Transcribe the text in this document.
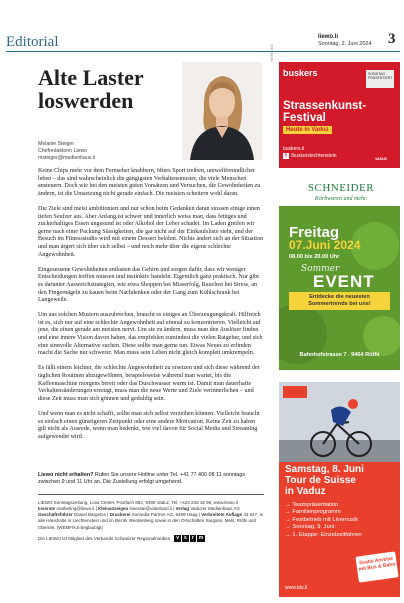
Editorial	liewo.li
Sonntag, 2. Juni 2024 3
Alte Laster loswerden
Melanie Steiger
Chefredaktorin Liewo
msteiger@medienhaus.li

Keine Chips mehr vor dem Fernseher knabbern, öfters Sport treiben, umweltfreundlicher leben – das sind wahrscheinlich die gängigsten Verhaltensmuster, die viele Menschen ansteuern. Doch wie bei den meisten guten Vorsätzen und Versuchen, die Gewohnheiten zu ändern, ist die Umsetzung nicht gerade einfach. Die meisten scheitern wohl daran.

Die Ziele sind meist ambitioniert und nur schon beim Gedanken daran stossen einige einen tiefen Seufzer aus. Aber Anfang ist schwer und innerlich weiss man, dass fettiges und zuckerhaltiges Essen ungesund ist oder Alkohol der Leber schadet. Im Laden greifen wir gerne nach einer Packung Süssigkeiten, die gar nicht auf der Einkaufsliste steht, und der Besuch im Fitnessstudio wird mit einem Dessert belohnt. Nichts ändert sich an der Situation und man ärgert sich über sich selbst – und noch mehr über die eigene schlechte Angewohnheit.

Eingesessene Gewohnheiten entlasten das Gehirn und sorgen dafür, dass wir weniger Entscheidungen treffen müssen und instinktiv handeln. Eigentlich ganz praktisch. Nur gibt es darunter Ausweichstrategien, wie etwa Shoppen bei Misserfolg, Rauchen bei Stress, an den Fingernägeln zu kauen beim Nachdenken oder der Gang zum Kühlschrank bei Langeweile.

Um aus solchen Mustern auszubrechen, braucht es einiges an Überzeugungskraft. Hilfreich ist es, sich nur auf eine schlechte Angewohnheit auf einmal zu konzentrieren. Vielleicht auf jene, die einen gerade am meisten nervt. Um sie zu ändern, muss man den Auslöser finden und eine innere Vision davon haben, das empfehlen zumindest die vielen Ratgeber, und sich eine sinnvolle Alternative suchen. Diese sollte man gerne tun. Etwas Neues zu erfinden macht die Sache nur schwerer. Man muss sein Leben nicht gleich komplett umkrempeln.

Es fällt einem leichter, die schlechte Angewohnheit zu ersetzen und sich diese während der täglichen Routinen abzugewöhnen, beispielsweise während man wartet, bis die Kaffeemaschine morgens bereit oder das Duschwasser warm ist. Damit man dauerhafte Verhaltensänderungen erzeugt, muss man die neue Werte und Ziele verinnerlichen – und diese Zeit muss man sich gönnen und geduldig sein.

Und wenn man es nicht schafft, sollte man sich selbst verzeihen können. Vielleicht braucht es einfach einen günstigeren Zeitpunkt oder eine andere Motivation. Keine Zeit zu haben gilt nicht als Ausrede, wenn man bedenkt, wie viel davon für Social Media und Streaming aufgewendet wird.

Liewo nicht erhalten? Rufen Sie unsere Hotline unter Tel. +41 77 400 08 11 sonntags zwischen 9 und 11 Uhr an. Die Zustellung erfolgt umgehend.
LIEWO Sonntagszeitung, Lova Center, Postfach 884, 9490 Vaduz, Tel. +423 236 16 96, www.liewo.li
Inserate marketing@liewo.li | Kleinanzeigen inserate@vaterland.li | Verlag Vaduzer Medienhaus AG
Geschäftsführer Daniel Bargetze | Druckerei Somedia Partner AG, 9469 Haag | Verbreitete Auflage 43 647, in alle Haushalte in Liechtenstein und im Bezirk Werdenberg sowie in den Ortschaften Sargans, Mels, Rüthi und Oberriet. (WEMF/KS-beglaubigt)
Die LIEWO ist Mitglied des Verbands Schweizer Regionalmedien	v	s	r	m
WERBUNG
buskers	SONNTAG PRÄSENTIERT
Strassenkunst-
Festival
Heute in Vaduz
buskers.li
f /buskerslechtenstein	VADUZ
SCHNEIDER
Körbwaren und mehr.
Freitag
07.Juni 2024
08.00 bis 20.00 Uhr
Sommer
EVENT
Entdecke die neuesten Sommertrends bei uns!
Bahnhofstrasse 7 . 9464 Rüthi
Samstag, 8. Juni
Tour de Suisse
in Vaduz
→ Teampräsentation
→ Familienprogramm
→ Festbetrieb mit Livemusik
→ Sonntag, 9. Juni:
→ 1. Etappe: Einzelzeitfahren
Gratis Anreise mit Bus & Bahn
www.tds.li
